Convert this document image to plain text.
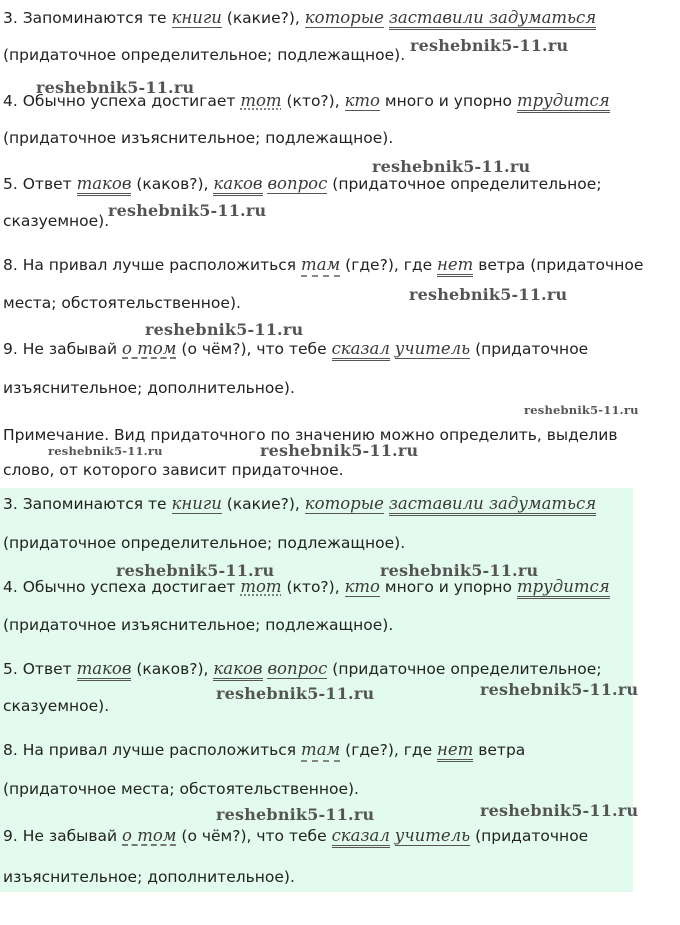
3. Запоминаются те книги (какие?), которые заставили задуматься
(придаточное определительное; подлежащное).
4. Обычно успеха достигает тот (кто?), кто много и упорно трудится
(придаточное изъяснительное; подлежащное).
5. Ответ таков (каков?), каков вопрос (придаточное определительное;
сказуемное).
8. На привал лучше расположиться там (где?), где нет ветра (придаточное
места; обстоятельственное).
9. Не забывай о том (о чём?), что тебе сказал учитель (придаточное
изъяснительное; дополнительное).
Примечание. Вид придаточного по значению можно определить, выделив
слово, от которого зависит придаточное.
3. Запоминаются те книги (какие?), которые заставили задуматься
(придаточное определительное; подлежащное).
4. Обычно успеха достигает тот (кто?), кто много и упорно трудится
(придаточное изъяснительное; подлежащное).
5. Ответ таков (каков?), каков вопрос (придаточное определительное;
сказуемное).
8. На привал лучше расположиться там (где?), где нет ветра
(придаточное места; обстоятельственное).
9. Не забывай о том (о чём?), что тебе сказал учитель (придаточное
изъяснительное; дополнительное).
reshebnik5-11.ru
reshebnik5-11.ru
reshebnik5-11.ru
reshebnik5-11.ru
reshebnik5-11.ru
reshebnik5-11.ru
reshebnik5-11.ru
reshebnik5-11.ru	reshebnik5-11.ru
reshebnik5-11.ru	reshebnik5-11.ru
reshebnik5-11.ru	reshebnik5-11.ru
reshebnik5-11.ru	reshebnik5-11.ru
